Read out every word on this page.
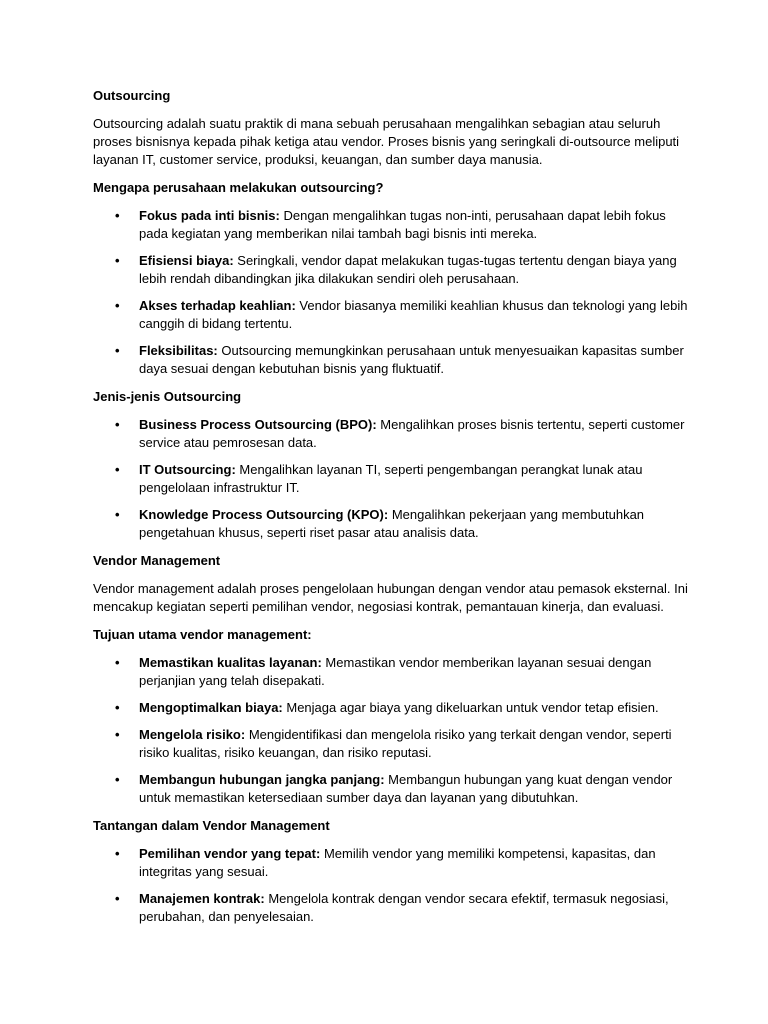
Outsourcing
Outsourcing adalah suatu praktik di mana sebuah perusahaan mengalihkan sebagian atau seluruh proses bisnisnya kepada pihak ketiga atau vendor. Proses bisnis yang seringkali di-outsource meliputi layanan IT, customer service, produksi, keuangan, dan sumber daya manusia.
Mengapa perusahaan melakukan outsourcing?
• Fokus pada inti bisnis: Dengan mengalihkan tugas non-inti, perusahaan dapat lebih fokus pada kegiatan yang memberikan nilai tambah bagi bisnis inti mereka.
• Efisiensi biaya: Seringkali, vendor dapat melakukan tugas-tugas tertentu dengan biaya yang lebih rendah dibandingkan jika dilakukan sendiri oleh perusahaan.
• Akses terhadap keahlian: Vendor biasanya memiliki keahlian khusus dan teknologi yang lebih canggih di bidang tertentu.
• Fleksibilitas: Outsourcing memungkinkan perusahaan untuk menyesuaikan kapasitas sumber daya sesuai dengan kebutuhan bisnis yang fluktuatif.
Jenis-jenis Outsourcing
• Business Process Outsourcing (BPO): Mengalihkan proses bisnis tertentu, seperti customer service atau pemrosesan data.
• IT Outsourcing: Mengalihkan layanan TI, seperti pengembangan perangkat lunak atau pengelolaan infrastruktur IT.
• Knowledge Process Outsourcing (KPO): Mengalihkan pekerjaan yang membutuhkan pengetahuan khusus, seperti riset pasar atau analisis data.
Vendor Management
Vendor management adalah proses pengelolaan hubungan dengan vendor atau pemasok eksternal. Ini mencakup kegiatan seperti pemilihan vendor, negosiasi kontrak, pemantauan kinerja, dan evaluasi.
Tujuan utama vendor management:
• Memastikan kualitas layanan: Memastikan vendor memberikan layanan sesuai dengan perjanjian yang telah disepakati.
• Mengoptimalkan biaya: Menjaga agar biaya yang dikeluarkan untuk vendor tetap efisien.
• Mengelola risiko: Mengidentifikasi dan mengelola risiko yang terkait dengan vendor, seperti risiko kualitas, risiko keuangan, dan risiko reputasi.
• Membangun hubungan jangka panjang: Membangun hubungan yang kuat dengan vendor untuk memastikan ketersediaan sumber daya dan layanan yang dibutuhkan.
Tantangan dalam Vendor Management
• Pemilihan vendor yang tepat: Memilih vendor yang memiliki kompetensi, kapasitas, dan integritas yang sesuai.
• Manajemen kontrak: Mengelola kontrak dengan vendor secara efektif, termasuk negosiasi, perubahan, dan penyelesaian.
